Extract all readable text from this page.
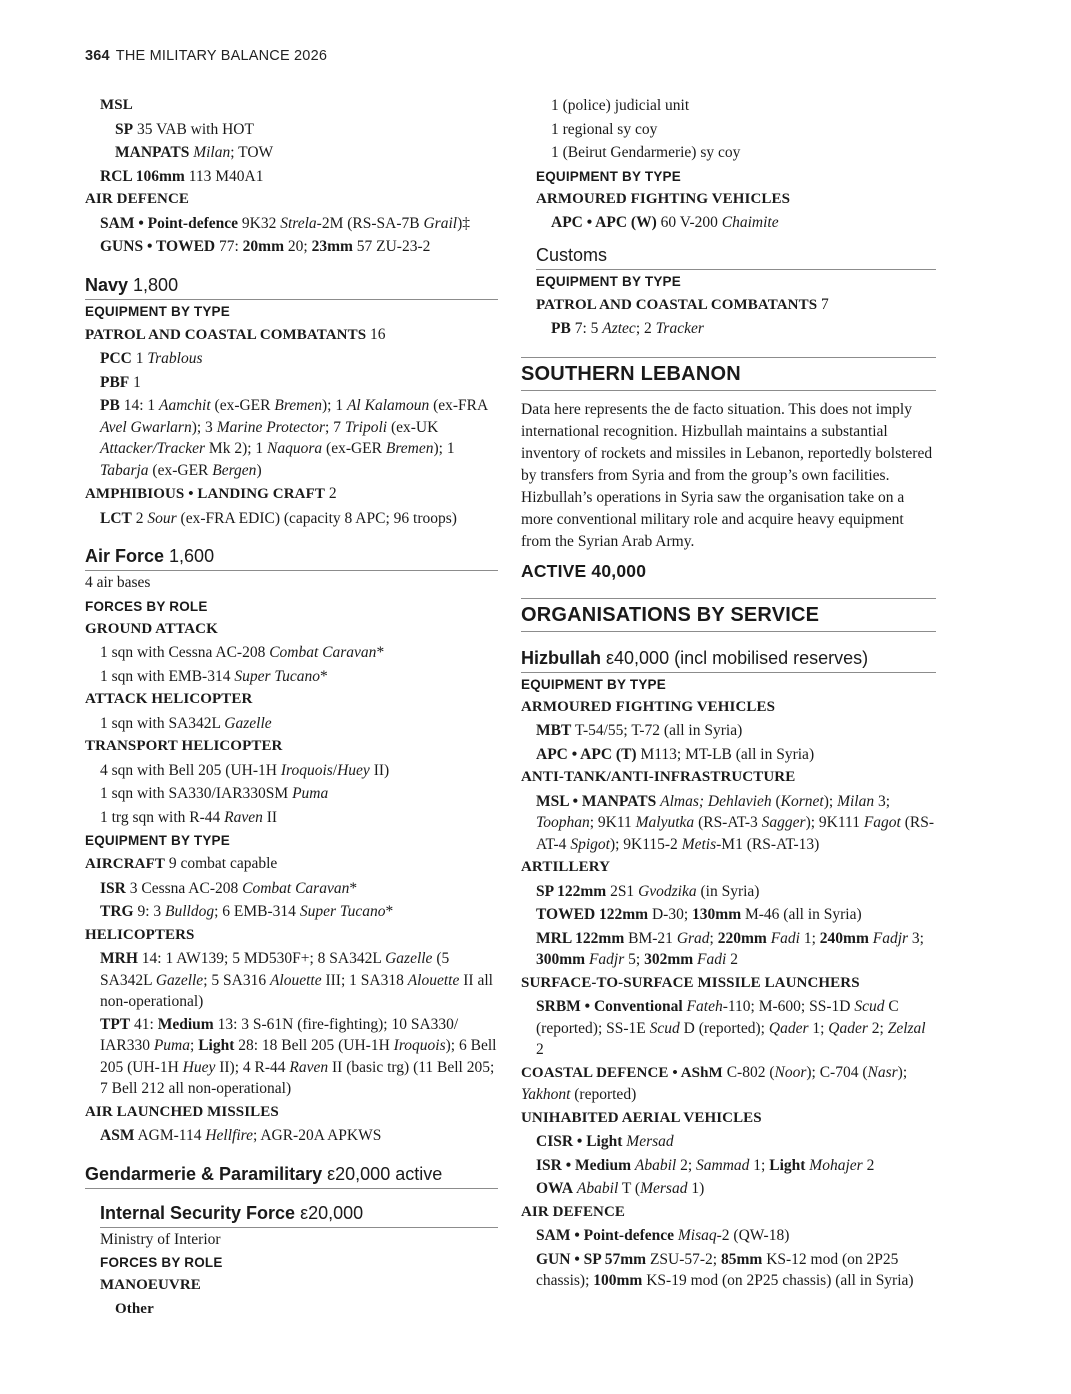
364 THE MILITARY BALANCE 2026
MSL
SP 35 VAB with HOT
MANPATS Milan; TOW
RCL 106mm 113 M40A1
AIR DEFENCE
SAM • Point-defence 9K32 Strela-2M (RS-SA-7B Grail)‡
GUNS • TOWED 77: 20mm 20; 23mm 57 ZU-23-2
Navy 1,800
EQUIPMENT BY TYPE
PATROL AND COASTAL COMBATANTS 16
PCC 1 Trablous
PBF 1
PB 14: 1 Aamchit (ex-GER Bremen); 1 Al Kalamoun (ex-FRA Avel Gwarlarn); 3 Marine Protector; 7 Tripoli (ex-UK Attacker/Tracker Mk 2); 1 Naquora (ex-GER Bremen); 1 Tabarja (ex-GER Bergen)
AMPHIBIOUS • LANDING CRAFT 2
LCT 2 Sour (ex-FRA EDIC) (capacity 8 APC; 96 troops)
Air Force 1,600
4 air bases
FORCES BY ROLE
GROUND ATTACK
1 sqn with Cessna AC-208 Combat Caravan*
1 sqn with EMB-314 Super Tucano*
ATTACK HELICOPTER
1 sqn with SA342L Gazelle
TRANSPORT HELICOPTER
4 sqn with Bell 205 (UH-1H Iroquois/Huey II)
1 sqn with SA330/IAR330SM Puma
1 trg sqn with R-44 Raven II
EQUIPMENT BY TYPE
AIRCRAFT 9 combat capable
ISR 3 Cessna AC-208 Combat Caravan*
TRG 9: 3 Bulldog; 6 EMB-314 Super Tucano*
HELICOPTERS
MRH 14: 1 AW139; 5 MD530F+; 8 SA342L Gazelle (5 SA342L Gazelle; 5 SA316 Alouette III; 1 SA318 Alouette II all non-operational)
TPT 41: Medium 13: 3 S-61N (fire-fighting); 10 SA330/ IAR330 Puma; Light 28: 18 Bell 205 (UH-1H Iroquois); 6 Bell 205 (UH-1H Huey II); 4 R-44 Raven II (basic trg) (11 Bell 205; 7 Bell 212 all non-operational)
AIR LAUNCHED MISSILES
ASM AGM-114 Hellfire; AGR-20A APKWS
Gendarmerie & Paramilitary ε20,000 active
Internal Security Force ε20,000
Ministry of Interior
FORCES BY ROLE
MANOEUVRE
Other
1 (police) judicial unit
1 regional sy coy
1 (Beirut Gendarmerie) sy coy
EQUIPMENT BY TYPE
ARMOURED FIGHTING VEHICLES
APC • APC (W) 60 V-200 Chaimite
Customs
EQUIPMENT BY TYPE
PATROL AND COASTAL COMBATANTS 7
PB 7: 5 Aztec; 2 Tracker
SOUTHERN LEBANON
Data here represents the de facto situation. This does not imply international recognition. Hizbullah maintains a substantial inventory of rockets and missiles in Lebanon, reportedly bolstered by transfers from Syria and from the group’s own facilities. Hizbullah’s operations in Syria saw the organisation take on a more conventional military role and acquire heavy equipment from the Syrian Arab Army.
ACTIVE 40,000
ORGANISATIONS BY SERVICE
Hizbullah ε40,000 (incl mobilised reserves)
EQUIPMENT BY TYPE
ARMOURED FIGHTING VEHICLES
MBT T-54/55; T-72 (all in Syria)
APC • APC (T) M113; MT-LB (all in Syria)
ANTI-TANK/ANTI-INFRASTRUCTURE
MSL • MANPATS Almas; Dehlavieh (Kornet); Milan 3; Toophan; 9K11 Malyutka (RS-AT-3 Sagger); 9K111 Fagot (RS-AT-4 Spigot); 9K115-2 Metis-M1 (RS-AT-13)
ARTILLERY
SP 122mm 2S1 Gvodzika (in Syria)
TOWED 122mm D-30; 130mm M-46 (all in Syria)
MRL 122mm BM-21 Grad; 220mm Fadi 1; 240mm Fadjr 3; 300mm Fadjr 5; 302mm Fadi 2
SURFACE-TO-SURFACE MISSILE LAUNCHERS
SRBM • Conventional Fateh-110; M-600; SS-1D Scud C (reported); SS-1E Scud D (reported); Qader 1; Qader 2; Zelzal 2
COASTAL DEFENCE • AShM C-802 (Noor); C-704 (Nasr); Yakhont (reported)
UNIHABITED AERIAL VEHICLES
CISR • Light Mersad
ISR • Medium Ababil 2; Sammad 1; Light Mohajer 2
OWA Ababil T (Mersad 1)
AIR DEFENCE
SAM • Point-defence Misaq-2 (QW-18)
GUN • SP 57mm ZSU-57-2; 85mm KS-12 mod (on 2P25 chassis); 100mm KS-19 mod (on 2P25 chassis) (all in Syria)
